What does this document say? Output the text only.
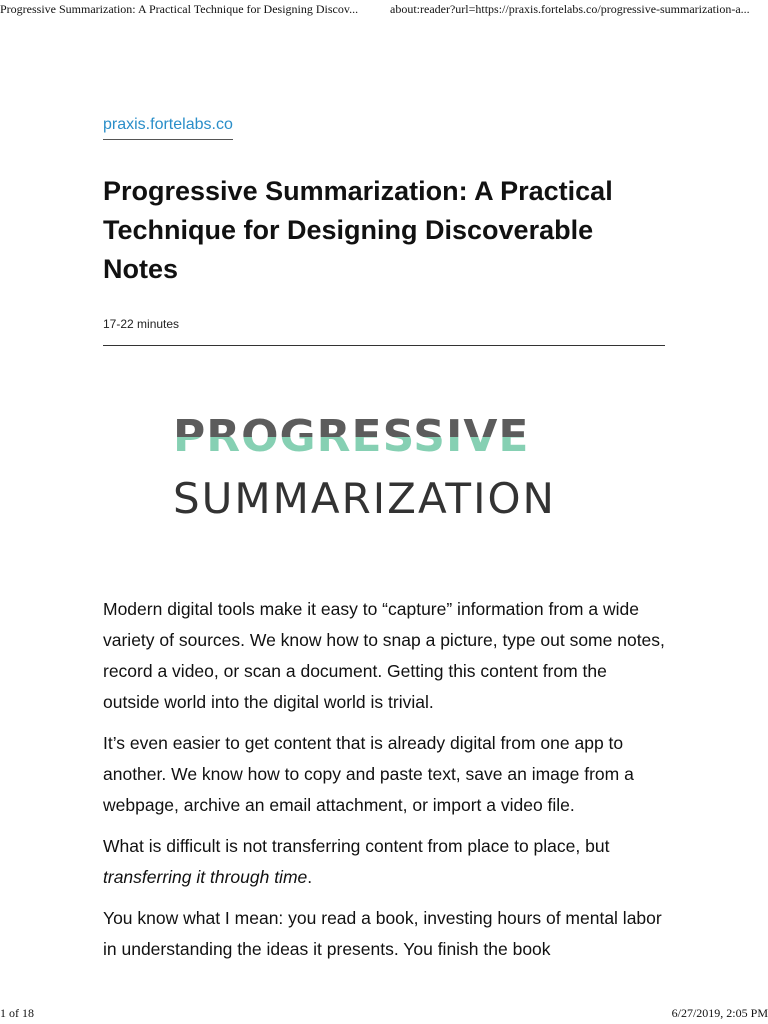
Progressive Summarization: A Practical Technique for Designing Discov...	about:reader?url=https://praxis.fortelabs.co/progressive-summarization-a...
praxis.fortelabs.co
Progressive Summarization: A Practical Technique for Designing Discoverable Notes
17-22 minutes
PROGRESSIVE
SUMMARIZATION

Modern digital tools make it easy to “capture” information from a wide variety of sources. We know how to snap a picture, type out some notes, record a video, or scan a document. Getting this content from the outside world into the digital world is trivial.

It’s even easier to get content that is already digital from one app to another. We know how to copy and paste text, save an image from a webpage, archive an email attachment, or import a video file.

What is difficult is not transferring content from place to place, but transferring it through time.

You know what I mean: you read a book, investing hours of mental labor in understanding the ideas it presents. You finish the book

1 of 18	6/27/2019, 2:05 PM
